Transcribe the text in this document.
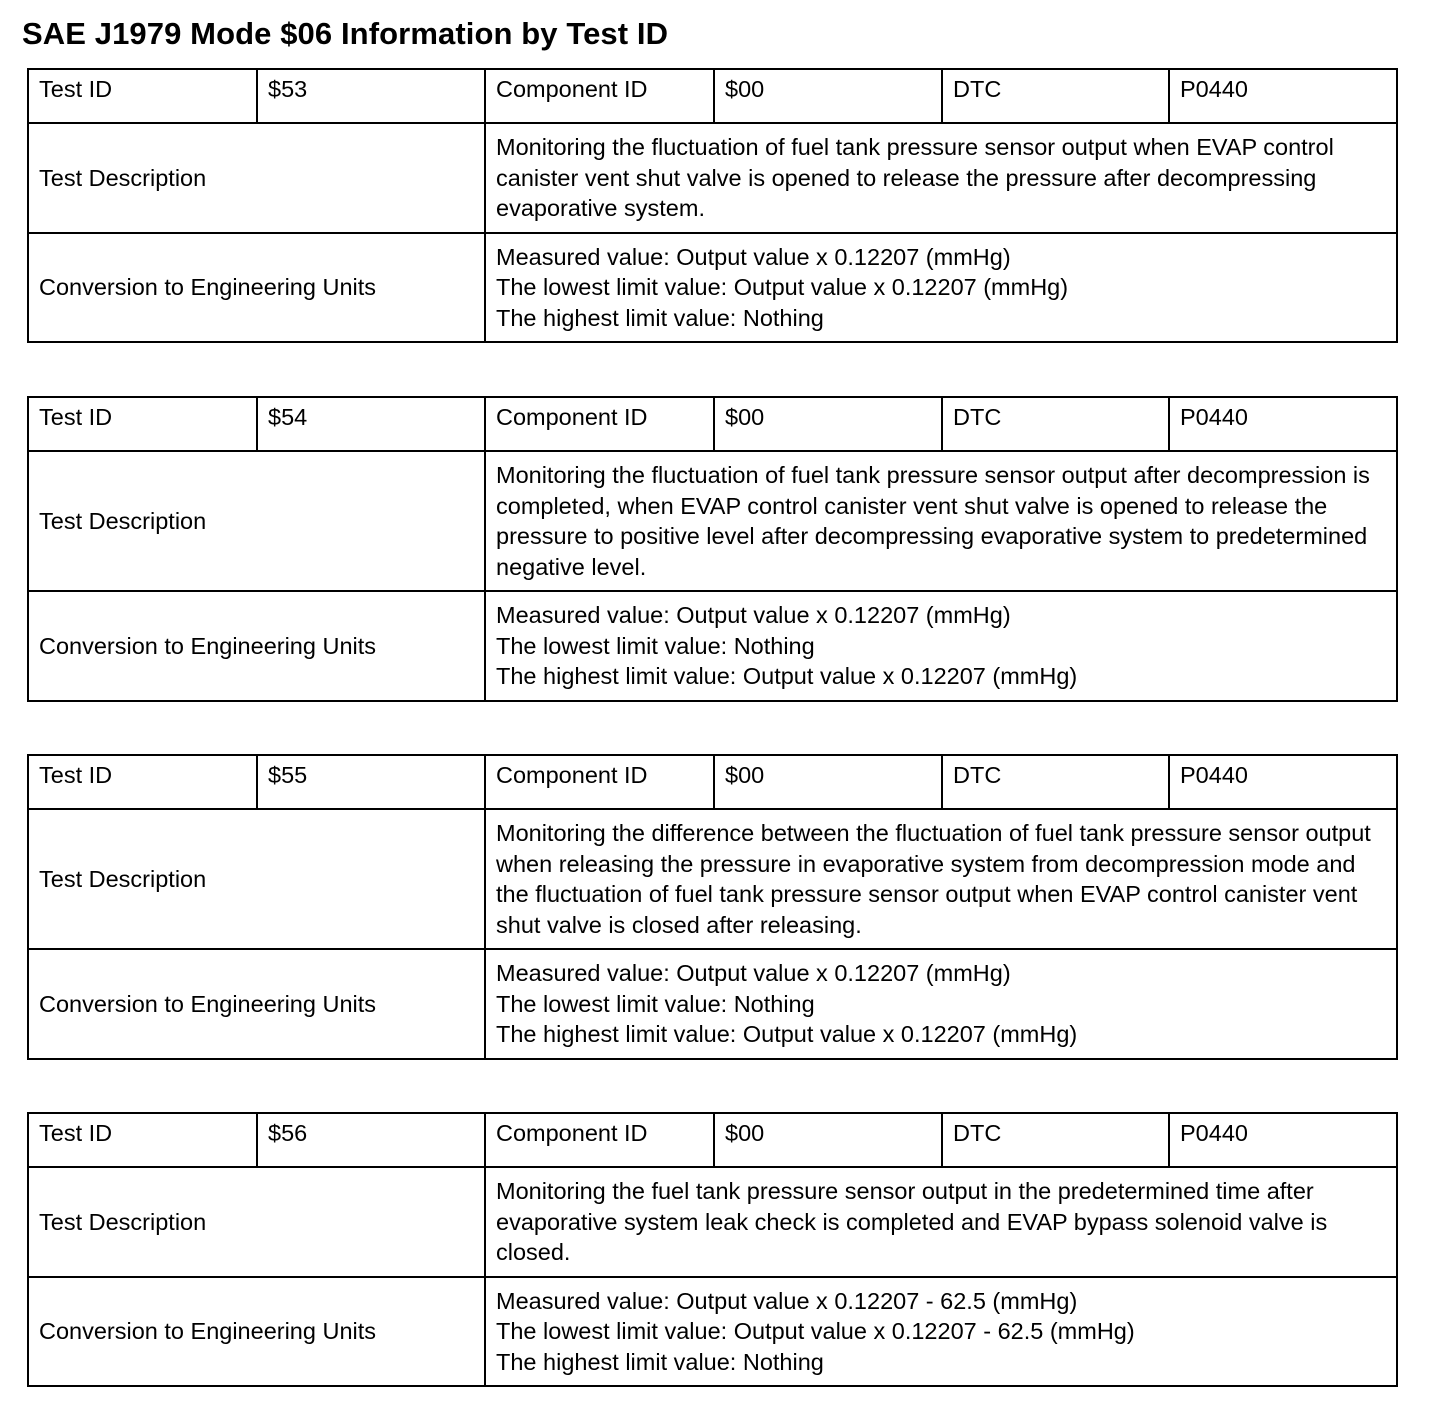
SAE J1979 Mode $06 Information by Test ID
Test ID	$53	Component ID	$00	DTC	P0440
Test Description		Monitoring the fluctuation of fuel tank pressure sensor output when EVAP control canister vent shut valve is opened to release the pressure after decompressing evaporative system.			
Conversion to Engineering Units		Measured value: Output value x 0.12207 (mmHg)
The lowest limit value: Output value x 0.12207 (mmHg)
The highest limit value: Nothing			
Test ID	$54	Component ID	$00	DTC	P0440
Test Description		Monitoring the fluctuation of fuel tank pressure sensor output after decompression is completed, when EVAP control canister vent shut valve is opened to release the pressure to positive level after decompressing evaporative system to predetermined negative level.			
Conversion to Engineering Units		Measured value: Output value x 0.12207 (mmHg)
The lowest limit value: Nothing
The highest limit value: Output value x 0.12207 (mmHg)			
Test ID	$55	Component ID	$00	DTC	P0440
Test Description		Monitoring the difference between the fluctuation of fuel tank pressure sensor output when releasing the pressure in evaporative system from decompression mode and the fluctuation of fuel tank pressure sensor output when EVAP control canister vent shut valve is closed after releasing.			
Conversion to Engineering Units		Measured value: Output value x 0.12207 (mmHg)
The lowest limit value: Nothing
The highest limit value: Output value x 0.12207 (mmHg)			
Test ID	$56	Component ID	$00	DTC	P0440
Test Description		Monitoring the fuel tank pressure sensor output in the predetermined time after evaporative system leak check is completed and EVAP bypass solenoid valve is closed.			
Conversion to Engineering Units		Measured value: Output value x 0.12207 - 62.5 (mmHg)
The lowest limit value: Output value x 0.12207 - 62.5 (mmHg)
The highest limit value: Nothing			
